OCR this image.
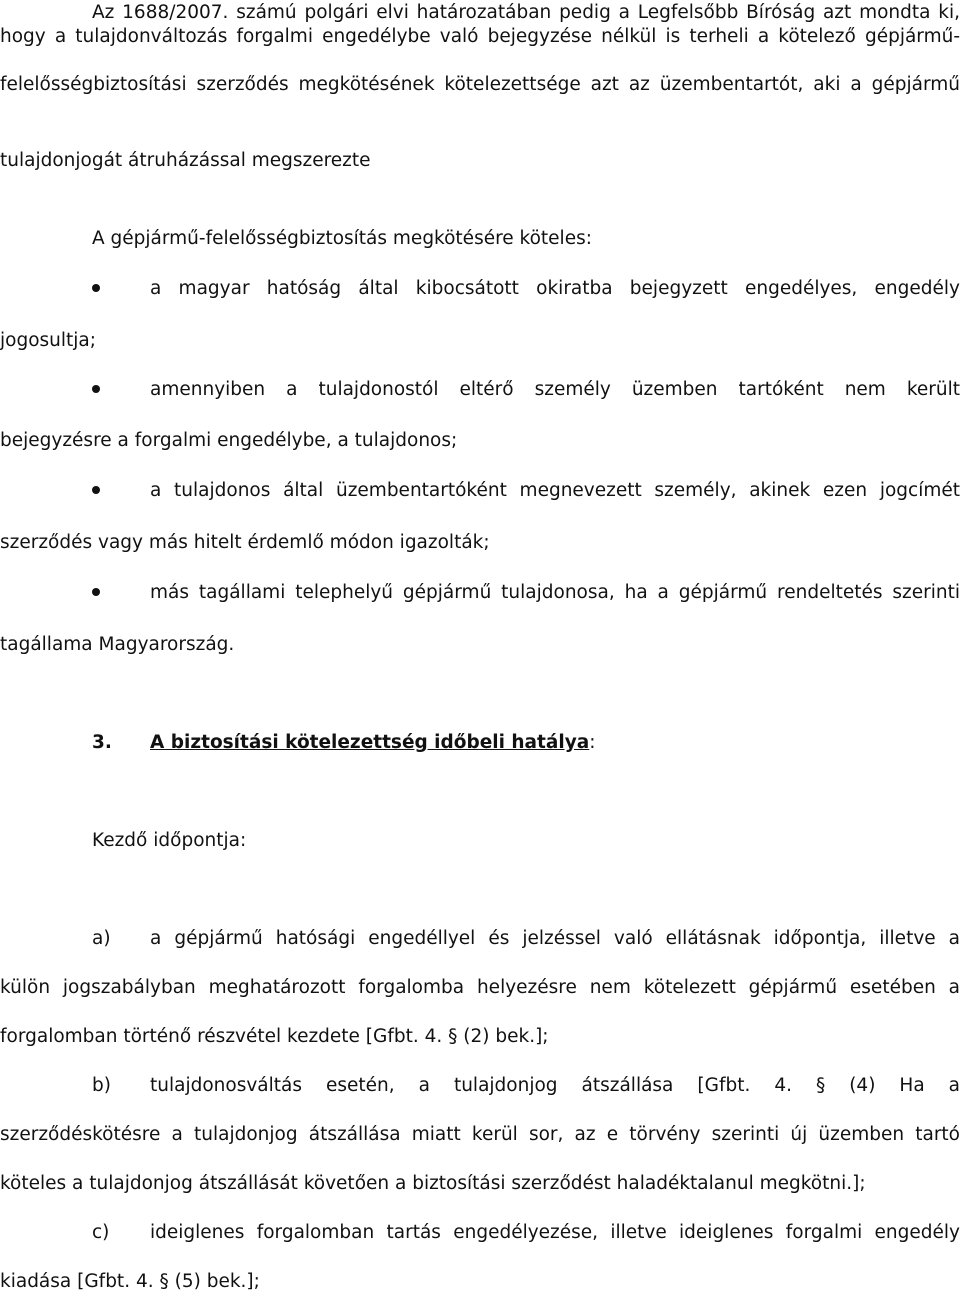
Az 1688/2007. számú polgári elvi határozatában pedig a Legfelsőbb Bíróság azt mondta ki,
hogy a tulajdonváltozás forgalmi engedélybe való bejegyzése nélkül is terheli a kötelező gépjármű-
felelősségbiztosítási szerződés megkötésének kötelezettsége azt az üzembentartót, aki a gépjármű
tulajdonjogát átruházással megszerezte
A gépjármű-felelősségbiztosítás megkötésére köteles:
a magyar hatóság által kibocsátott okiratba bejegyzett engedélyes, engedély
jogosultja;
amennyiben a tulajdonostól eltérő személy üzemben tartóként nem került
bejegyzésre a forgalmi engedélybe, a tulajdonos;
a tulajdonos által üzembentartóként megnevezett személy, akinek ezen jogcímét
szerződés vagy más hitelt érdemlő módon igazolták;
más tagállami telephelyű gépjármű tulajdonosa, ha a gépjármű rendeltetés szerinti
tagállama Magyarország.
3. A biztosítási kötelezettség időbeli hatálya:
Kezdő időpontja:
a) a gépjármű hatósági engedéllyel és jelzéssel való ellátásnak időpontja, illetve a
külön jogszabályban meghatározott forgalomba helyezésre nem kötelezett gépjármű esetében a
forgalomban történő részvétel kezdete [Gfbt. 4. § (2) bek.];
b) tulajdonosváltás esetén, a tulajdonjog átszállása [Gfbt. 4. § (4) Ha a
szerződéskötésre a tulajdonjog átszállása miatt kerül sor, az e törvény szerinti új üzemben tartó
köteles a tulajdonjog átszállását követően a biztosítási szerződést haladéktalanul megkötni.];
c) ideiglenes forgalomban tartás engedélyezése, illetve ideiglenes forgalmi engedély
kiadása [Gfbt. 4. § (5) bek.];
